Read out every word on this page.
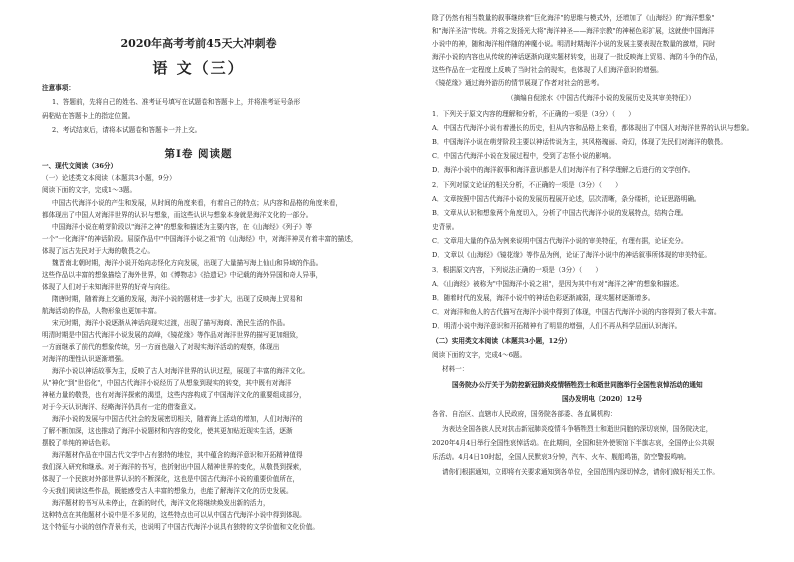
2020年高考考前45天大冲刺卷
语 文（三）
注意事项：
1、答题前，先将自己的姓名、准考证号填写在试题卷和答题卡上，并将准考证号条形
码粘贴在答题卡上的指定位置。
2、考试结束后，请将本试题卷和答题卡一并上交。
第Ⅰ卷 阅读题
一、现代文阅读（36分）
（一）论述类文本阅读（本题共3小题，9分）
阅读下面的文字，完成1～3题。
中国古代海洋小说的产生和发展，从时间的角度来看，有着自己的特点；从内容和品格的角度来看，
都体现出了中国人对海洋世界的认识与想象，而这些认识与想象本身就是海洋文化的一部分。
中国海洋小说在萌芽阶段以"海洋之神"的想象和描述为主要内容，在《山海经》《列子》等
一个"一化海洋"的神话阶段。屈原作品中"中国海洋小说之祖"的《山海经》中，对海洋神灵有着丰富的描述，
体现了远古先民对于大海的敬畏之心。
魏晋南北朝时期，海洋小说开始向志怪化方向发展，出现了大量描写海上仙山和异域的作品。
这些作品以丰富的想象描绘了海外世界，如《博物志》《拾遗记》中记载的海外异国和奇人异事，
体现了人们对于未知海洋世界的好奇与向往。
隋唐时期，随着海上交通的发展，海洋小说的题材进一步扩大，出现了反映海上贸易和
航海活动的作品，人物形象也更加丰富。
宋元时期，海洋小说逐渐从神话向现实过渡，出现了描写海商、渔民生活的作品。
明清时期是中国古代海洋小说发展的高峰，《镜花缘》等作品对海洋世界的描写更加细致，
一方面继承了前代的想象传统，另一方面也融入了对现实海洋活动的观察，体现出
对海洋的理性认识逐渐增强。
海洋小说以神话故事为主，反映了古人对海洋世界的认识过程，展现了丰富的海洋文化。
从"神化"到"世俗化"，中国古代海洋小说经历了从想象到现实的转变，其中既有对海洋
神秘力量的敬畏，也有对海洋探索的渴望，这些内容构成了中国海洋文化的重要组成部分，
对于今天认识海洋、经略海洋仍具有一定的借鉴意义。
海洋小说的发展与中国古代社会的发展密切相关，随着海上活动的增加，人们对海洋的
了解不断加深，这也推动了海洋小说题材和内容的变化，使其更加贴近现实生活，逐渐
摆脱了单纯的神话色彩。
海洋题材作品在中国古代文学中占有独特的地位，其中蕴含的海洋意识和开拓精神值得
我们深入研究和继承。对于海洋的书写，也折射出中国人精神世界的变化，从敬畏到探索，
体现了一个民族对外部世界认识的不断深化，这也是中国古代海洋小说的重要价值所在，
今天我们阅读这些作品，既能感受古人丰富的想象力，也能了解海洋文化的历史发展。
海洋题材的书写从未停止，在新的时代，海洋文化将继续焕发出新的活力，
这种特点在其他题材小说中是不多见的，这些特点也可以从中国古代海洋小说中得到体现。
这个特征与小说的创作背景有关，也说明了中国古代海洋小说具有独特的文学价值和文化价值。
除了仍然有相当数量的叙事继续着"巨化海洋"的思维与模式外，还增加了《山海经》的"海洋想象"
和"海洋圣洁"传统。并将之发扬光大将"海洋神圣——海洋宗教"的神秘色彩扩展，这就使中国海洋
小说中的神，随和海洋相伴随的神魔小说。明清时期海洋小说的发展主要表现在数量的激增，同时
海洋小说的内容也从传统的神话逐渐向现实题材转变，出现了一批反映海上贸易、海防斗争的作品，
这些作品在一定程度上反映了当时社会的现实，也体现了人们海洋意识的增强。
《镜花缘》通过海外游历的情节展现了作者对社会的思考。
（摘编自倪浓水《中国古代海洋小说的发展历史及其审美特征》）
1．下列关于原文内容的理解和分析，不正确的一项是（3分）（　　）
A．中国古代海洋小说有着漫长的历史，但从内容和品格上来看，都体现出了中国人对海洋世界的认识与想象。
B．中国海洋小说在萌芽阶段主要以神话传说为主，其风格瑰丽、奇幻，体现了先民们对海洋的敬畏。
C．中国古代海洋小说在发展过程中，受到了志怪小说的影响。
D．海洋小说中的海洋叙事和海洋意识都是人们对海洋有了科学理解之后进行的文学创作。
2．下列对原文论证的相关分析，不正确的一项是（3分）（　　）
A．文章按照中国古代海洋小说的发展历程展开论述，层次清晰，条分缕析，论证思路明确。
B．文章从认识和想象两个角度切入，分析了中国古代海洋小说的发展特点，结构合理。
史背景。
C．文章用大量的作品为例来说明中国古代海洋小说的审美特征，有理有据，论证充分。
D．文章以《山海经》《镜花缘》等作品为例，论证了海洋小说中的神话叙事所体现的审美特征。
3．根据原文内容，下列说法正确的一项是（3分）（　　）
A．《山海经》被称为"中国海洋小说之祖"，是因为其中有对"海洋之神"的想象和描述。
B．随着时代的发展，海洋小说中的神话色彩逐渐减弱，现实题材逐渐增多。
C．对海洋和鱼人的古代描写在海洋小说中得到了体现，中国古代海洋小说的内容得到了极大丰富。
D．明清小说中海洋意识和开拓精神有了明显的增强，人们不再从科学层面认识海洋。
（二）实用类文本阅读（本题共3小题，12分）
阅读下面的文字，完成4～6题。
材料一：
国务院办公厅关于为防控新冠肺炎疫情牺牲烈士和逝世同胞举行全国性哀悼活动的通知
国办发明电〔2020〕12号
各省、自治区、直辖市人民政府，国务院各部委、各直属机构：
为表达全国各族人民对抗击新冠肺炎疫情斗争牺牲烈士和逝世同胞的深切哀悼，国务院决定，
2020年4月4日举行全国性哀悼活动。在此期间，全国和驻外使领馆下半旗志哀，全国停止公共娱
乐活动。4月4日10时起，全国人民默哀3分钟，汽车、火车、舰船鸣笛，防空警报鸣响。
请你们根据通知，立即将有关要求通知到各单位，全国范围内深切悼念，请你们做好相关工作。
